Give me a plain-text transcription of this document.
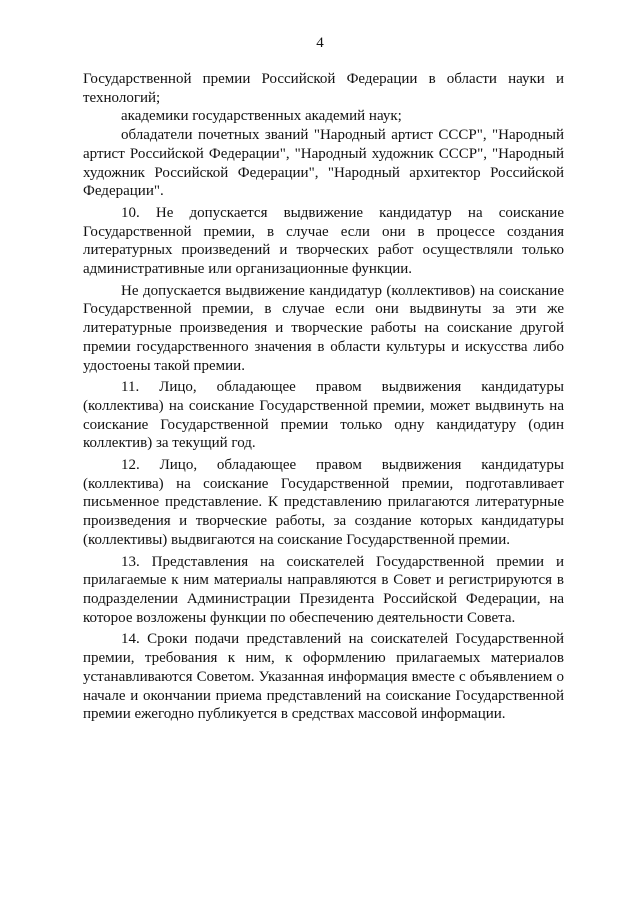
4

Государственной премии Российской Федерации в области науки и технологий;

академики государственных академий наук;

обладатели почетных званий "Народный артист СССР", "Народный артист Российской Федерации", "Народный художник СССР", "Народный художник Российской Федерации", "Народный архитектор Российской Федерации".

10. Не допускается выдвижение кандидатур на соискание Государственной премии, в случае если они в процессе создания литературных произведений и творческих работ осуществляли только административные или организационные функции.

Не допускается выдвижение кандидатур (коллективов) на соискание Государственной премии, в случае если они выдвинуты за эти же литературные произведения и творческие работы на соискание другой премии государственного значения в области культуры и искусства либо удостоены такой премии.

11. Лицо, обладающее правом выдвижения кандидатуры (коллектива) на соискание Государственной премии, может выдвинуть на соискание Государственной премии только одну кандидатуру (один коллектив) за текущий год.

12. Лицо, обладающее правом выдвижения кандидатуры (коллектива) на соискание Государственной премии, подготавливает письменное представление. К представлению прилагаются литературные произведения и творческие работы, за создание которых кандидатуры (коллективы) выдвигаются на соискание Государственной премии.

13. Представления на соискателей Государственной премии и прилагаемые к ним материалы направляются в Совет и регистрируются в подразделении Администрации Президента Российской Федерации, на которое возложены функции по обеспечению деятельности Совета.

14. Сроки подачи представлений на соискателей Государственной премии, требования к ним, к оформлению прилагаемых материалов устанавливаются Советом. Указанная информация вместе с объявлением о начале и окончании приема представлений на соискание Государственной премии ежегодно публикуется в средствах массовой информации.
